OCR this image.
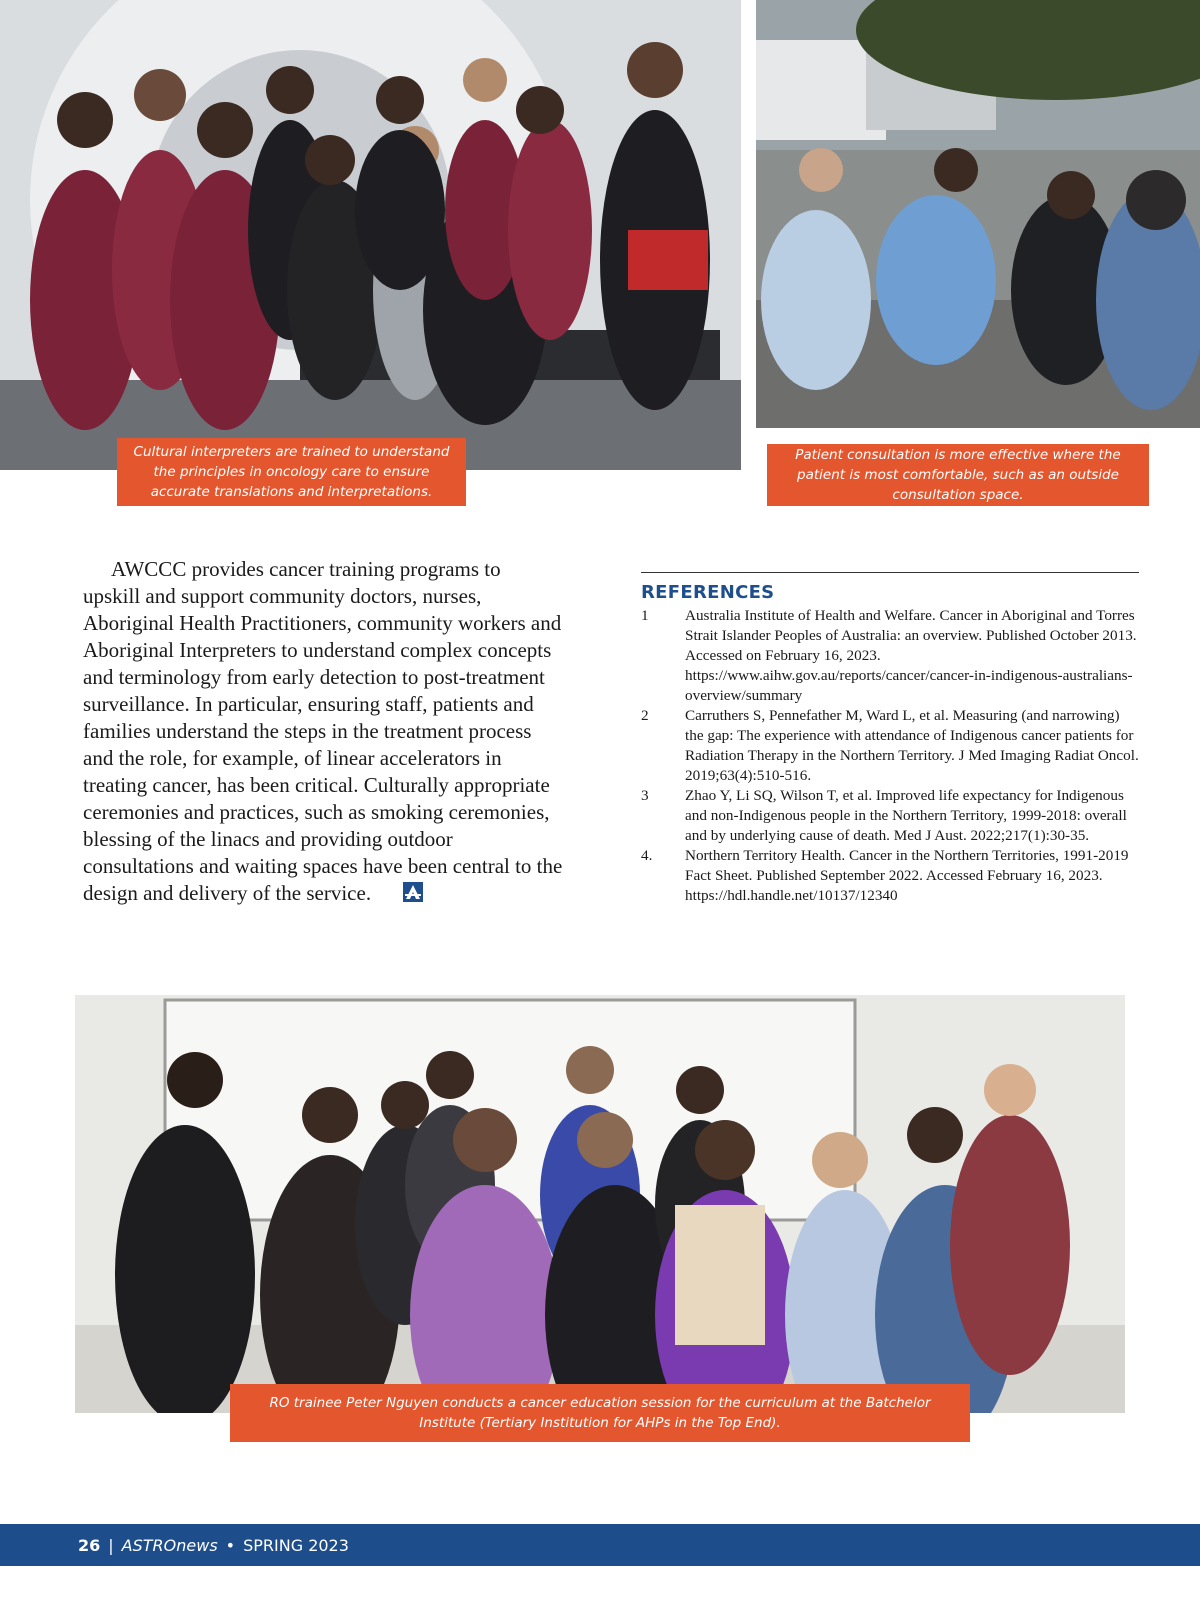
Cultural interpreters are trained to understand the principles in oncology care to ensure accurate translations and interpretations.
Patient consultation is more effective where the patient is most comfortable, such as an outside consultation space.

AWCCC provides cancer training programs to upskill and support community doctors, nurses, Aboriginal Health Practitioners, community workers and Aboriginal Interpreters to understand complex concepts and terminology from early detection to post-treatment surveillance. In particular, ensuring staff, patients and families understand the steps in the treatment process and the role, for example, of linear accelerators in treating cancer, has been critical. Culturally appropriate ceremonies and practices, such as smoking ceremonies, blessing of the linacs and providing outdoor consultations and waiting spaces have been central to the design and delivery of the service.

REFERENCES
1	Australia Institute of Health and Welfare. Cancer in Aboriginal and Torres Strait Islander Peoples of Australia: an overview. Published October 2013. Accessed on February 16, 2023. https://www.aihw.gov.au/reports/cancer/cancer-in-indigenous-australians-overview/summary
2	Carruthers S, Pennefather M, Ward L, et al. Measuring (and narrowing) the gap: The experience with attendance of Indigenous cancer patients for Radiation Therapy in the Northern Territory. J Med Imaging Radiat Oncol. 2019;63(4):510-516.
3	Zhao Y, Li SQ, Wilson T, et al. Improved life expectancy for Indigenous and non-Indigenous people in the Northern Territory, 1999-2018: overall and by underlying cause of death. Med J Aust. 2022;217(1):30-35.
4.	Northern Territory Health. Cancer in the Northern Territories, 1991-2019 Fact Sheet. Published September 2022. Accessed February 16, 2023. https://hdl.handle.net/10137/12340
RO trainee Peter Nguyen conducts a cancer education session for the curriculum at the Batchelor Institute (Tertiary Institution for AHPs in the Top End).
26 | ASTROnews • SPRING 2023
